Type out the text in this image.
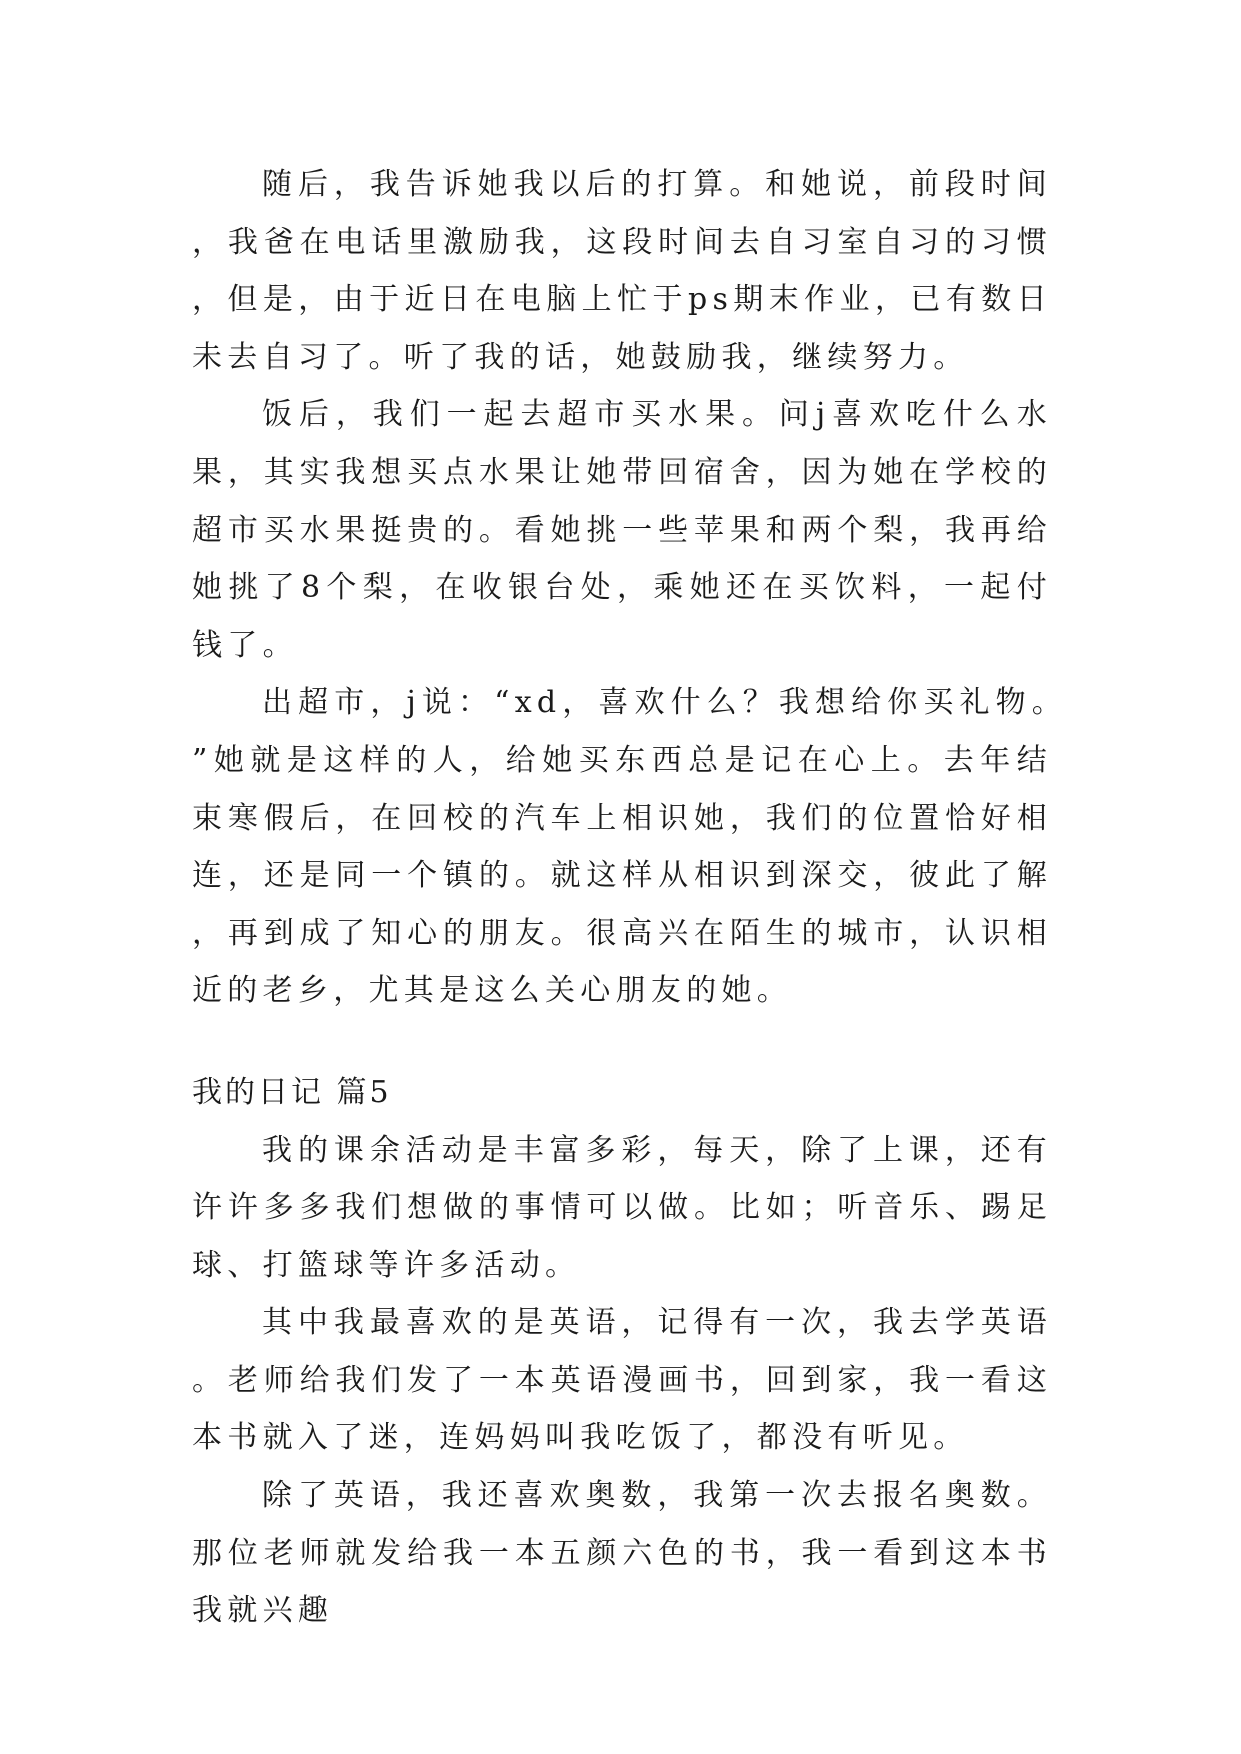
随后，我告诉她我以后的打算。和她说，前段时间，我爸在电话里激励我，这段时间去自习室自习的习惯，但是，由于近日在电脑上忙于ps期末作业，已有数日未去自习了。听了我的话，她鼓励我，继续努力。

饭后，我们一起去超市买水果。问j喜欢吃什么水果，其实我想买点水果让她带回宿舍，因为她在学校的超市买水果挺贵的。看她挑一些苹果和两个梨，我再给她挑了8个梨，在收银台处，乘她还在买饮料，一起付钱了。

出超市，j说：“xd，喜欢什么？我想给你买礼物。”她就是这样的人，给她买东西总是记在心上。去年结束寒假后，在回校的汽车上相识她，我们的位置恰好相连，还是同一个镇的。就这样从相识到深交，彼此了解，再到成了知心的朋友。很高兴在陌生的城市，认识相近的老乡，尤其是这么关心朋友的她。

我的日记 篇5

我的课余活动是丰富多彩，每天，除了上课，还有许许多多我们想做的事情可以做。比如；听音乐、踢足球、打篮球等许多活动。

其中我最喜欢的是英语，记得有一次，我去学英语。老师给我们发了一本英语漫画书，回到家，我一看这本书就入了迷，连妈妈叫我吃饭了，都没有听见。

除了英语，我还喜欢奥数，我第一次去报名奥数。那位老师就发给我一本五颜六色的书，我一看到这本书我就兴趣
